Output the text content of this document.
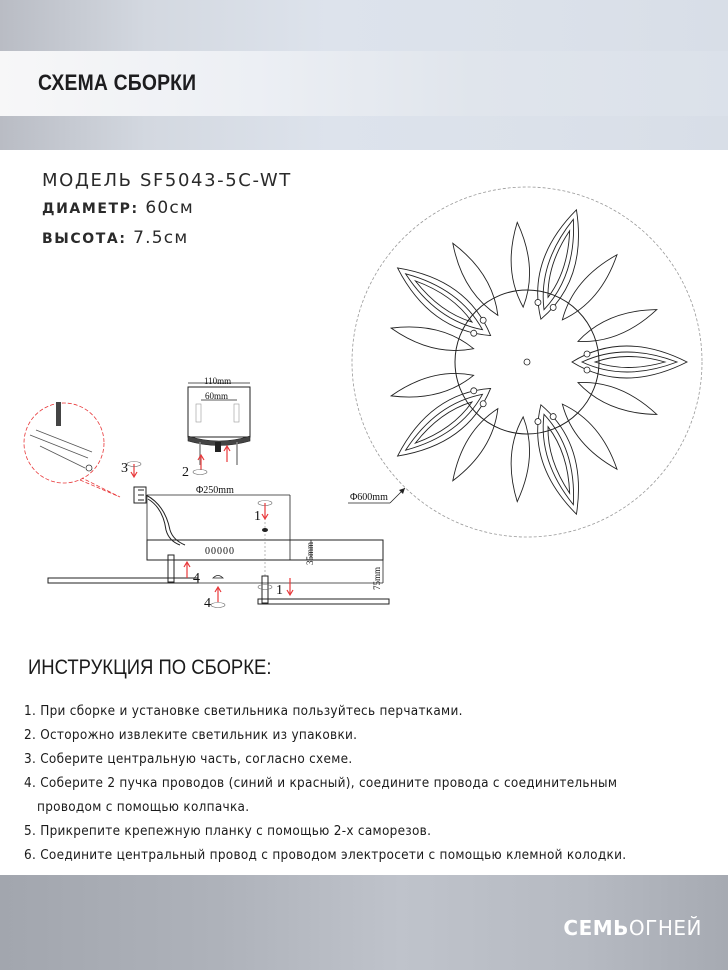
СХЕМА СБОРКИ
МОДЕЛЬ SF5043-5C-WT
ДИАМЕТР: 60см
ВЫСОТА: 7.5см
Φ600mm
110mm
60mm
2
3
Φ250mm
00000	35mm
75mm
1
4
4
1
ИНСТРУКЦИЯ ПО СБОРКЕ:
1. При сборке и установке светильника пользуйтесь перчатками.
2. Осторожно извлеките светильник из упаковки.
3. Соберите центральную часть, согласно схеме.
4. Соберите 2 пучка проводов (синий и красный), соедините провода с соединительным
проводом с помощью колпачка.
5. Прикрепите крепежную планку с помощью 2-х саморезов.
6. Соедините центральный провод с проводом электросети с помощью клемной колодки.
СЕМЬОГНЕЙ
